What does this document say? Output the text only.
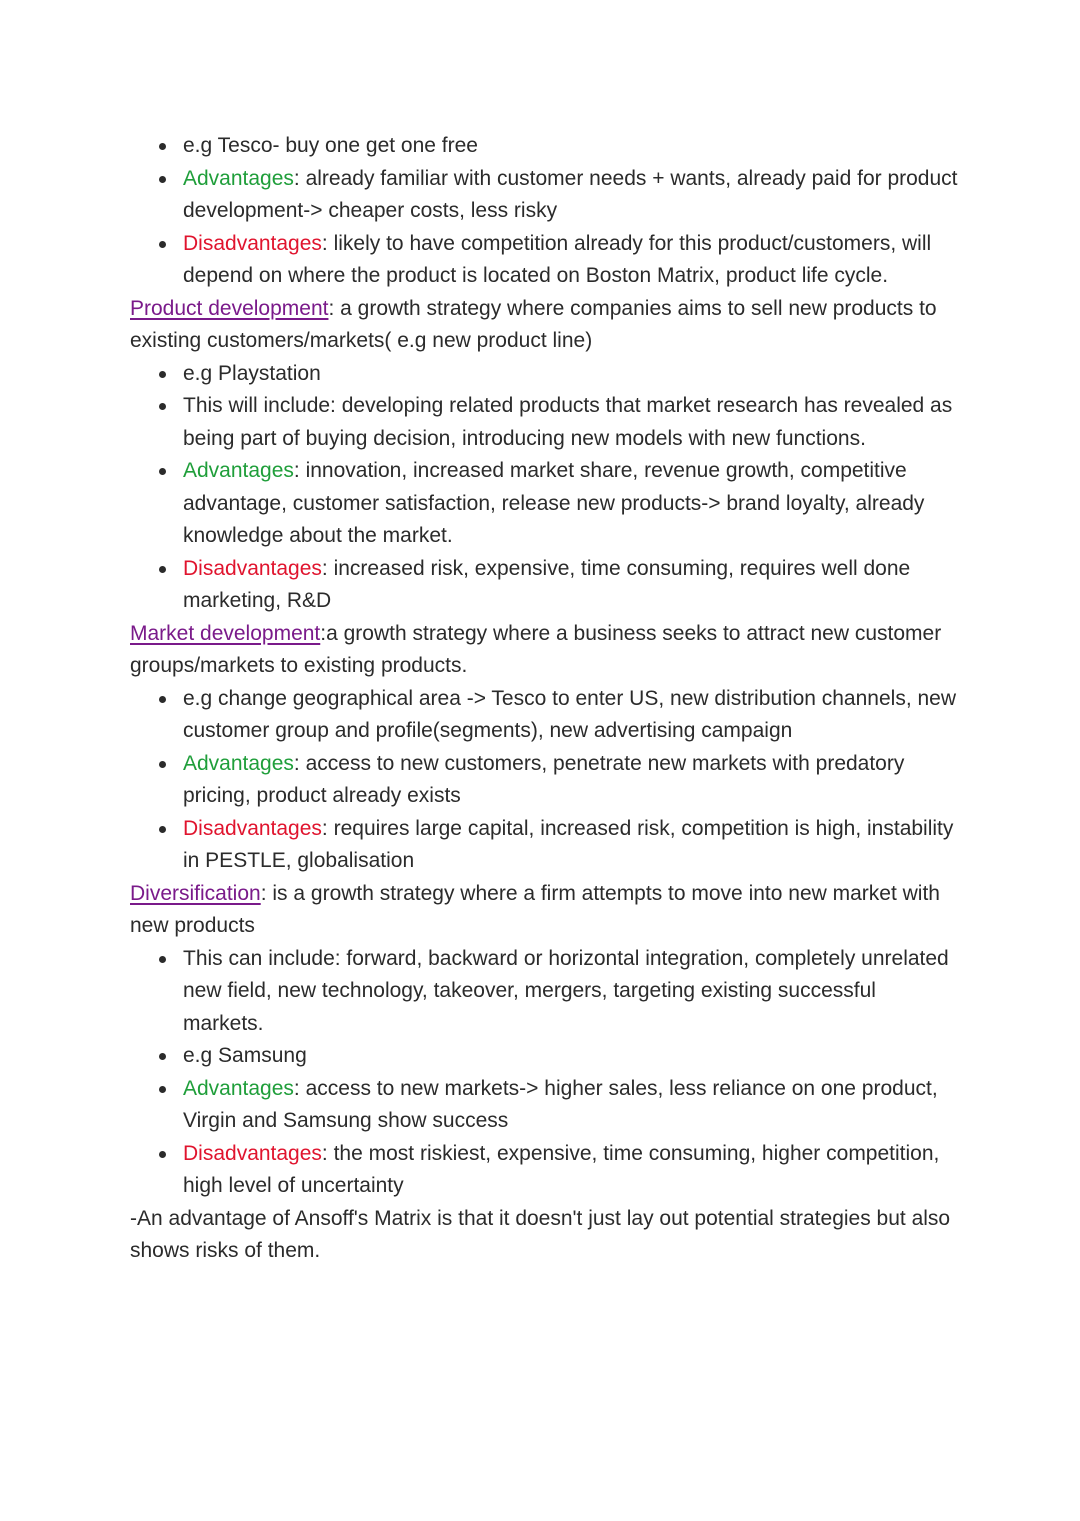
e.g Tesco- buy one get one free
Advantages: already familiar with customer needs + wants, already paid for product development-> cheaper costs, less risky
Disadvantages: likely to have competition already for this product/customers, will depend on where the product is located on Boston Matrix, product life cycle.

Product development: a growth strategy where companies aims to sell new products to existing customers/markets( e.g new product line)

e.g Playstation
This will include: developing related products that market research has revealed as being part of buying decision, introducing new models with new functions.
Advantages: innovation, increased market share, revenue growth, competitive advantage, customer satisfaction, release new products-> brand loyalty, already knowledge about the market.
Disadvantages: increased risk, expensive, time consuming, requires well done marketing, R&D

Market development:a growth strategy where a business seeks to attract new customer groups/markets to existing products.

e.g change geographical area -> Tesco to enter US, new distribution channels, new customer group and profile(segments), new advertising campaign
Advantages: access to new customers, penetrate new markets with predatory pricing, product already exists
Disadvantages: requires large capital, increased risk, competition is high, instability in PESTLE, globalisation

Diversification: is a growth strategy where a firm attempts to move into new market with new products

This can include: forward, backward or horizontal integration, completely unrelated new field, new technology, takeover, mergers, targeting existing successful markets.
e.g Samsung
Advantages: access to new markets-> higher sales, less reliance on one product, Virgin and Samsung show success
Disadvantages: the most riskiest, expensive, time consuming, higher competition, high level of uncertainty

-An advantage of Ansoff's Matrix is that it doesn't just lay out potential strategies but also shows risks of them.
